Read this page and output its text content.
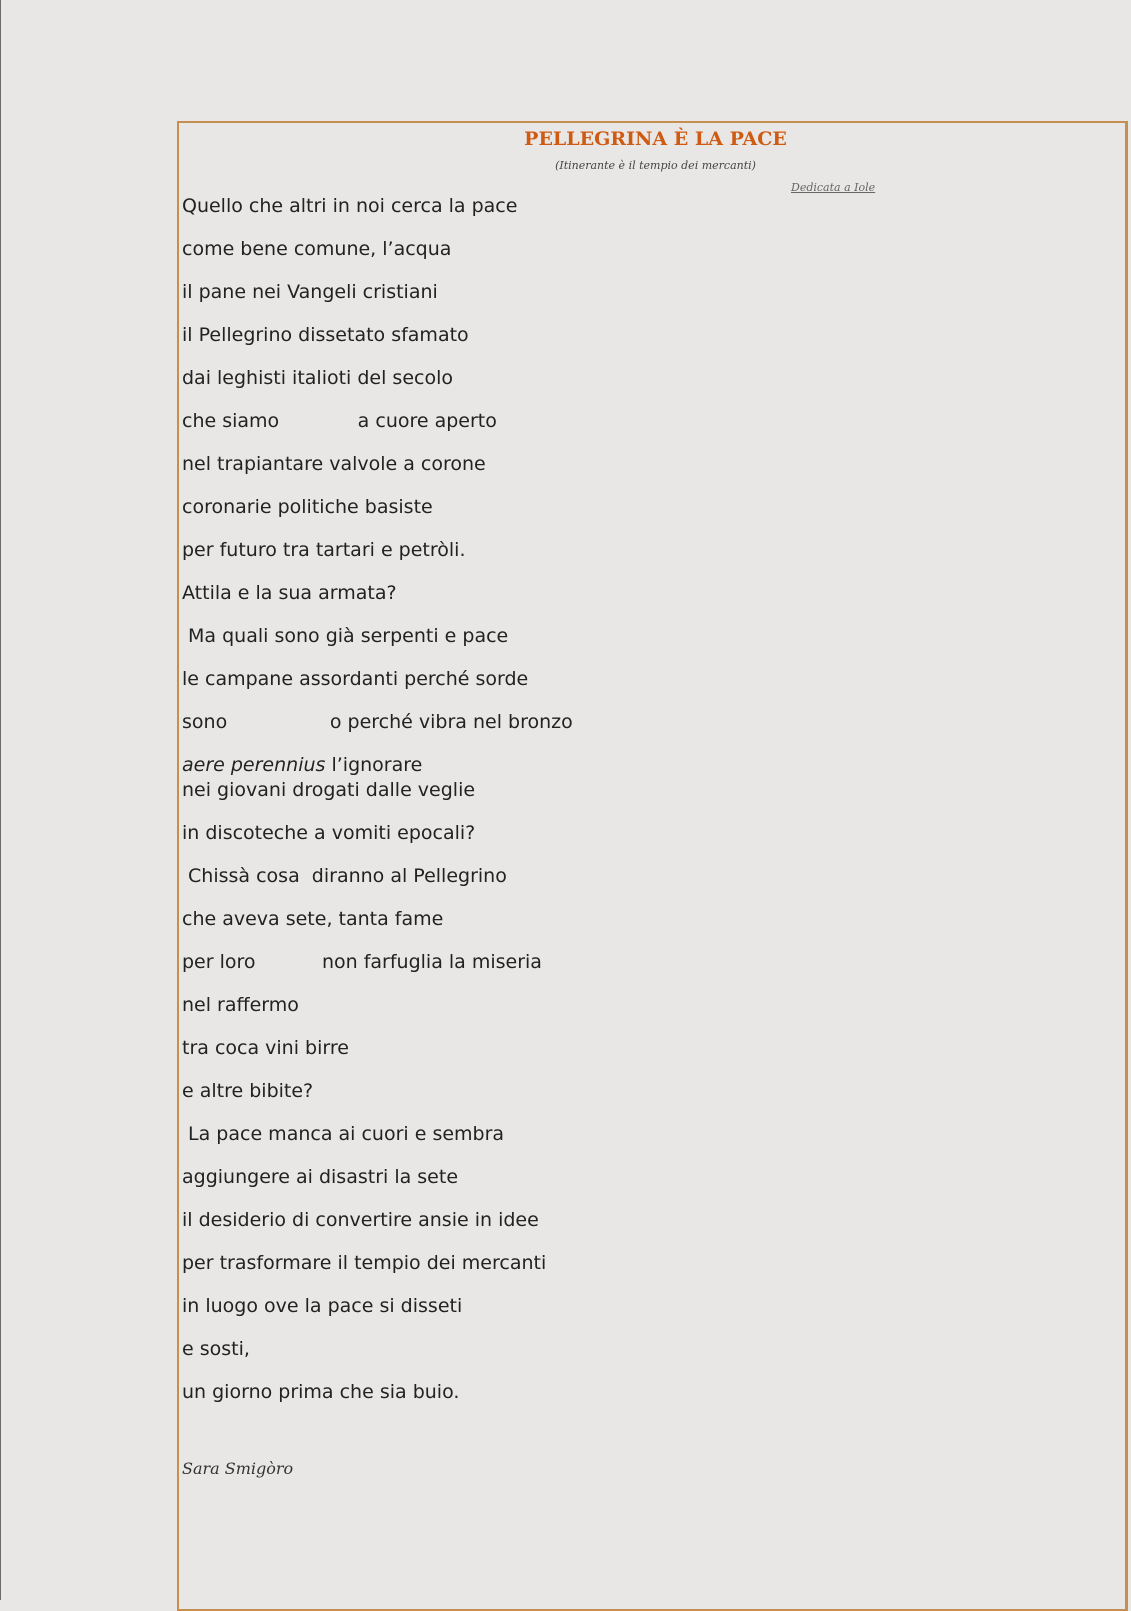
PELLEGRINA È LA PACE
(Itinerante è il tempio dei mercanti)
Dedicata a Iole
Quello che altri in noi cerca la pace
come bene comune, l’acqua
il pane nei Vangeli cristiani
il Pellegrino dissetato sfamato
dai leghisti italioti del secolo
che siamo             a cuore aperto
nel trapiantare valvole a corone
coronarie politiche basiste
per futuro tra tartari e petròli.
Attila e la sua armata?
Ma quali sono già serpenti e pace
le campane assordanti perché sorde
sono                 o perché vibra nel bronzo
aere perennius l’ignorare
nei giovani drogati dalle veglie
in discoteche a vomiti epocali?
Chissà cosa  diranno al Pellegrino
che aveva sete, tanta fame
per loro           non farfuglia la miseria
nel raffermo
tra coca vini birre
e altre bibite?
La pace manca ai cuori e sembra
aggiungere ai disastri la sete
il desiderio di convertire ansie in idee
per trasformare il tempio dei mercanti
in luogo ove la pace si disseti
e sosti,
un giorno prima che sia buio.
Sara Smigòro
